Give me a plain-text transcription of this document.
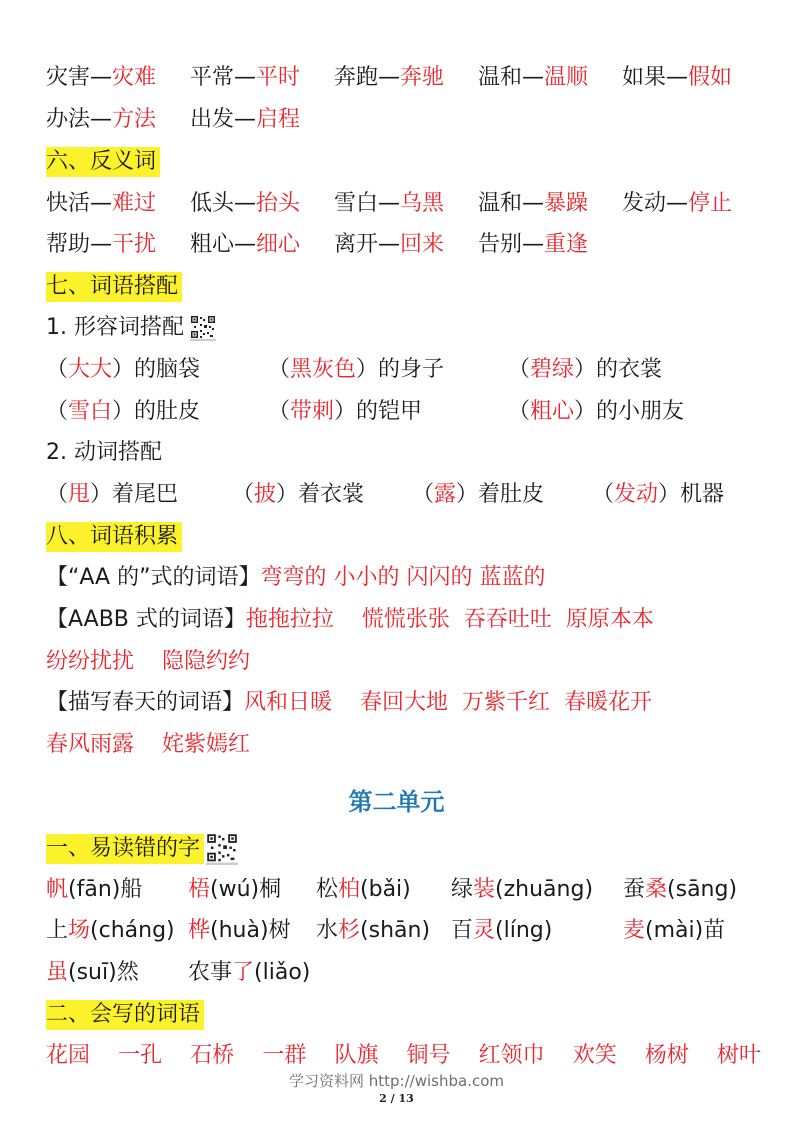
灾害—灾难 平常—平时 奔跑—奔驰 温和—温顺 如果—假如
办法—方法 出发—启程
六、反义词
快活—难过 低头—抬头 雪白—乌黑 温和—暴躁 发动—停止
帮助—干扰 粗心—细心 离开—回来 告别—重逢
七、词语搭配
1. 形容词搭配
（大大）的脑袋	（黑灰色）的身子	（碧绿）的衣裳
（雪白）的肚皮	（带刺）的铠甲	（粗心）的小朋友
2. 动词搭配
（甩）着尾巴 （披）着衣裳 （露）着肚皮 （发动）机器
八、词语积累
【“AA 的”式的词语】弯弯的 小小的 闪闪的 蓝蓝的
【AABB 式的词语】拖拖拉拉    慌慌张张  吞吞吐吐  原原本本
纷纷扰扰    隐隐约约
【描写春天的词语】风和日暖    春回大地  万紫千红  春暖花开
春风雨露    姹紫嫣红
第二单元
一、易读错的字
帆(fān)船 梧(wú)桐 松柏(bǎi) 绿装(zhuāng) 蚕桑(sāng)
上场(cháng) 桦(huà)树 水杉(shān) 百灵(líng)	麦(mài)苗
虽(suī)然 农事了(liǎo)
二、会写的词语
花园 一孔 石桥 一群 队旗 铜号 红领巾 欢笑 杨树 树叶
学习资料网 http://wishba.com
2 / 13
